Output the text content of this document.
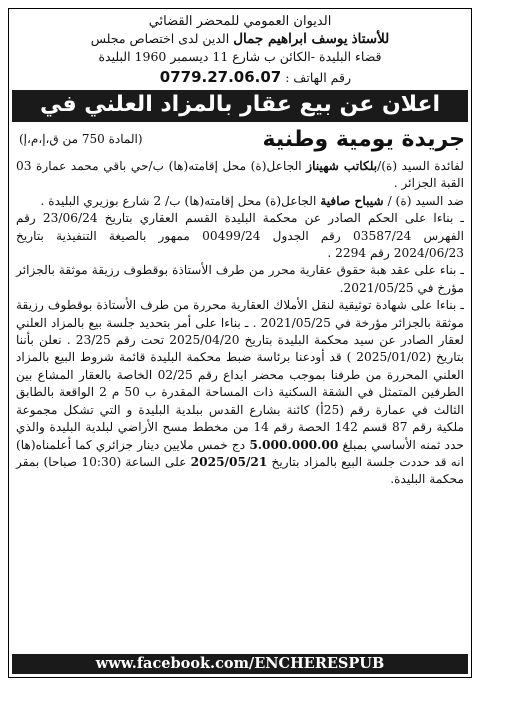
الديوان العمومي للمحضر القضائي
للأستاذ يوسف ابراهيم جمال الدين لدى اختصاص مجلس
قضاء البليدة -الكائن ب شارع 11 ديسمبر 1960 البليدة
رقم الهاتف : 0779.27.06.07
اعلان عن بيع عقار بالمزاد العلني في
جريدة يومية وطنية
(المادة 750 من ق،إ،م،إ)

لفائدة السيد (ة)/بلكاتب شهيناز الجاعل(ة) محل إقامته(ها) ب/حي باقي محمد عمارة 03 القبة الجزائر .

ضد السيد (ة) / شيباح صافية الجاعل(ة) محل إقامته(ها) ب/ 2 شارع بوزيري البليدة .

ـ بناءا على الحكم الصادر عن محكمة البليدة القسم العقاري بتاريخ 23/06/24 رقم الفهرس 03587/24 رقم الجدول 00499/24 ممهور بالصيغة التنفيذية بتاريخ 2024/06/23 رقم 2294 .

ـ بناء على عقد هبة حقوق عقارية محرر من طرف الأستاذة بوقطوف رزيقة موثقة بالجزائر مؤرخ في 2021/05/25.

ـ بناءا على شهادة توثيقية لنقل الأملاك العقارية محررة من طرف الأستاذة بوقطوف رزيقة موثقة بالجزائر مؤرخة في 2021/05/25 . ـ بناءا على أمر بتحديد جلسة بيع بالمزاد العلني لعقار الصادر عن سيد محكمة البليدة بتاريخ 2025/04/20 تحت رقم 23/25 . نعلن بأننا بتاريخ (2025/01/02 ) قد أودعنا برئاسة ضبط محكمة البليدة قائمة شروط البيع بالمزاد العلني المحررة من طرفنا بموجب محضر ايداع رقم 02/25 الخاصة بالعقار المشاع بين الطرفين المتمثل في الشقة السكنية ذات المساحة المقدرة ب 50 م 2 الواقعة بالطابق الثالث في عمارة رقم (25أ) كائنة بشارع القدس ببلدية البليدة و التي تشكل مجموعة ملكية رقم 87 قسم 142 الحصة رقم 14 من مخطط مسح الأراضي لبلدية البليدة والذي حدد ثمنه الأساسي بمبلغ 5.000.000.00 دج خمس ملايين دينار جزائري كما أعلمناه(ها) انه قد حددت جلسة البيع بالمزاد بتاريخ 2025/05/21 على الساعة (10:30 صباحا) بمقر محكمة البليدة.

www.facebook.com/ENCHERESPUB
